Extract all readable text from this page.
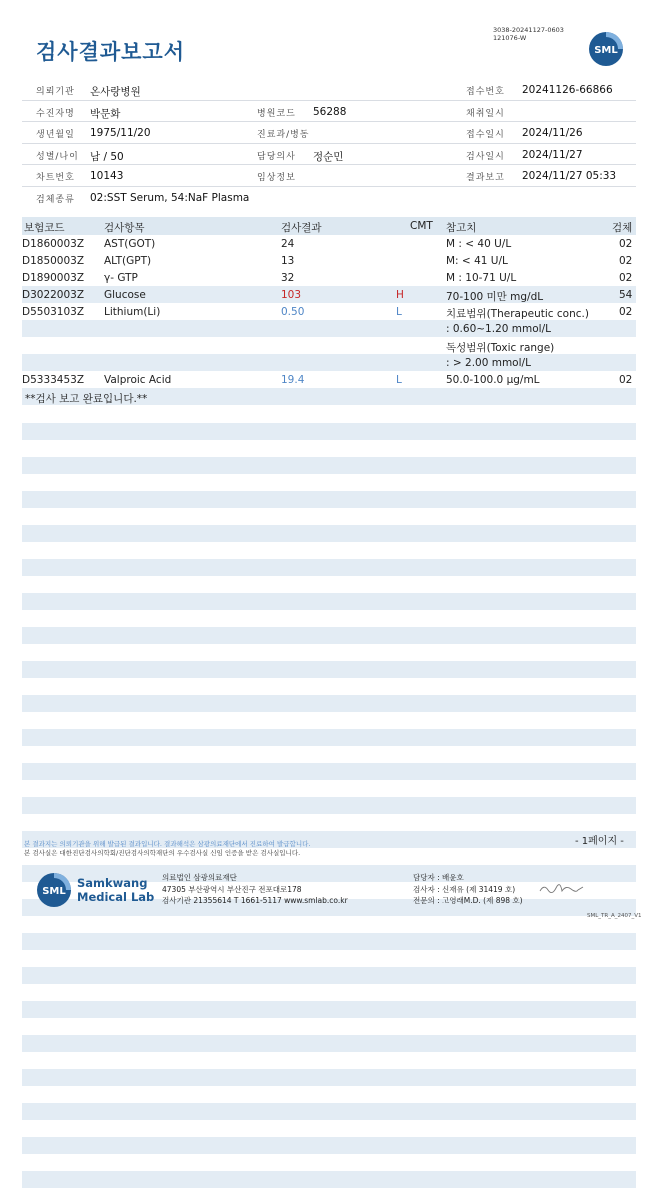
검사결과보고서
3038-20241127-0603
121076-W
SML
의뢰기관 온사랑병원	접수번호 20241126-66866
수진자명 박문화	병원코드 56288	채취일시
생년월일 1975/11/20	진료과/병동	접수일시 2024/11/26
성별/나이 남 / 50	담당의사 정순민	검사일시 2024/11/27
차트번호 10143	임상정보	결과보고 2024/11/27 05:33
검체종류 02:SST Serum, 54:NaF Plasma
보험코드	검사항목	검사결과	CMT 참고치	검체
D1860003Z AST(GOT)	24	M : < 40 U/L	02
D1850003Z ALT(GPT)	13	M: < 41 U/L	02
D1890003Z γ- GTP	32	M : 10-71 U/L	02
D3022003Z Glucose	103	H	70-100 미만 mg/dL	54
D5503103Z Lithium(Li)	0.50	L	치료범위(Therapeutic conc.)	02
: 0.60~1.20 mmol/L
독성범위(Toxic range)
: > 2.00 mmol/L
D5333453Z Valproic Acid	19.4	L	50.0-100.0 μg/mL	02
**검사 보고 완료입니다.**
- 1페이지 -
본 결과지는 의뢰기관을 위해 발급된 결과입니다. 결과해석은 삼광의료재단에서 진료하여 발급합니다.
본 검사실은 대한진단검사의학회/진단검사의학재단의 우수검사실 신임 인증을 받은 검사실입니다.
SML
Samkwang
Medical Lab
의료법인 삼광의료재단
47305 부산광역시 부산진구 전포대로178
검사기관 21355614 T 1661-5117 www.smlab.co.kr
담당자 : 배윤호
검사자 : 신재유 (제 31419 호)
전문의 : 고영래M.D. (제 898 호)
SML_TR_A_2407_V1
